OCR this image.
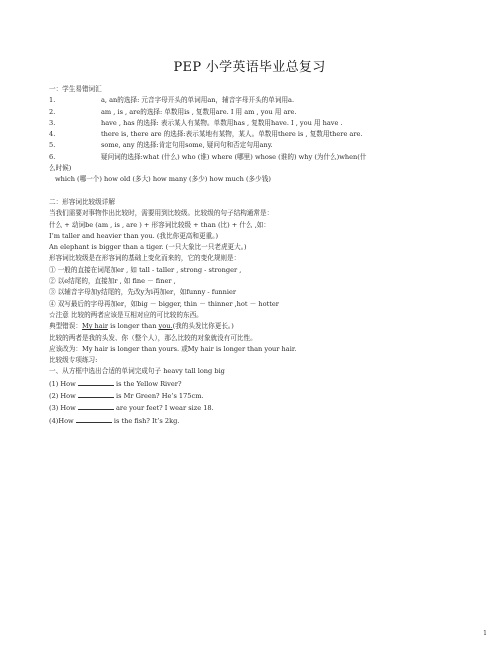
PEP 小学英语毕业总复习
一：学生易错词汇
1.	a, an的选择: 元音字母开头的单词用an，辅音字母开头的单词用a.
2.	am , is , are的选择: 单数用is , 复数用are. I 用 am , you 用 are.
3.	have , has 的选择: 表示某人有某物。单数用has , 复数用have. I , you 用 have .
4.	there is, there are 的选择:表示某地有某物，某人。单数用there is , 复数用there are.
5.	some, any 的选择:肯定句用some, 疑问句和否定句用any.
6.	疑问词的选择:what (什么) who (谁) where (哪里) whose (谁的) why (为什么)when(什
么时候)
which (哪一个) how old (多大) how many (多少) how much (多少钱)
二：形容词比较级详解
当我们需要对事物作出比较时，需要用到比较级。比较级的句子结构通常是：
什么 + 动词be (am , is , are ) + 形容词比较级 + than (比) + 什么 ,如：
I’m taller and heavier than you. (我比你更高和更重。)
An elephant is bigger than a tiger. (一只大象比一只老虎更大。)
形容词比较级是在形容词的基础上变化而来的，它的变化规则是：
① 一般的直接在词尾加er , 如 tall - taller , strong - stronger ,
② 以e结尾的，直接加r , 如 fine － finer ,
③ 以辅音字母加y结尾的，先改y为i再加er，如funny - funnier
④ 双写最后的字母再加er，如big － bigger, thin － thinner ,hot － hotter
☆注意 比较的两者应该是互相对应的可比较的东西。
典型错误：My hair is longer than you.(我的头发比你更长。)
比较的两者是我的头发、你（整个人），那么比较的对象就没有可比性。
应该改为：My hair is longer than yours. 或My hair is longer than your hair.
比较级专项练习:
一、从方框中选出合适的单词完成句子 heavy tall long big
(1) How	is the Yellow River?
(2) How	is Mr Green? He’s 175cm.
(3) How	are your feet? I wear size 18.
(4)How	is the fish? It’s 2kg.
1
